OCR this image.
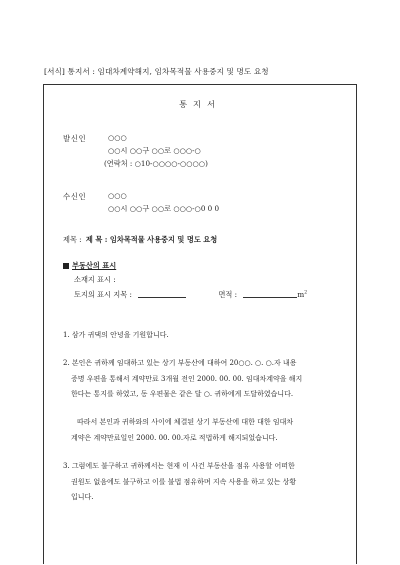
[서식] 통지서 : 임대차계약해지, 임차목적물 사용중지 및 명도 요청
통지서
발신인	○○○
○○시 ○○구 ○○로 ○○○-○
(연락처 : ○10-○○○○-○○○○)
수신인	○○○
○○시 ○○구 ○○로 ○○○-○0 0 0
제목 : 제 목 : 임차목적물 사용중지 및 명도 요청
부동산의 표시
소재지 표시 :
토지의 표시 지목 :	면적 :	$m^2$
1. 삼가 귀댁의 안녕을 기원합니다.
2. 본인은 귀하께 임대하고 있는 상기 부동산에 대하여 20○○. ○. ○.자 내용
증명 우편을 통해서 계약만료 3개월 전인 2000. 00. 00. 임대차계약을 해지
한다는 통지를 하였고, 동 우편물은 같은 달 ○. 귀하에게 도달하였습니다.
따라서 본인과 귀하와의 사이에 체결된 상기 부동산에 대한 대한 임대차
계약은 계약만료일인 2000. 00. 00.자로 적법하게 해지되었습니다.
3. 그럼에도 불구하고 귀하께서는 현재 이 사건 부동산을 점유 사용할 어떠한
권원도 없음에도 불구하고 이를 불법 점유하며 지속 사용을 하고 있는 상황
입니다.
